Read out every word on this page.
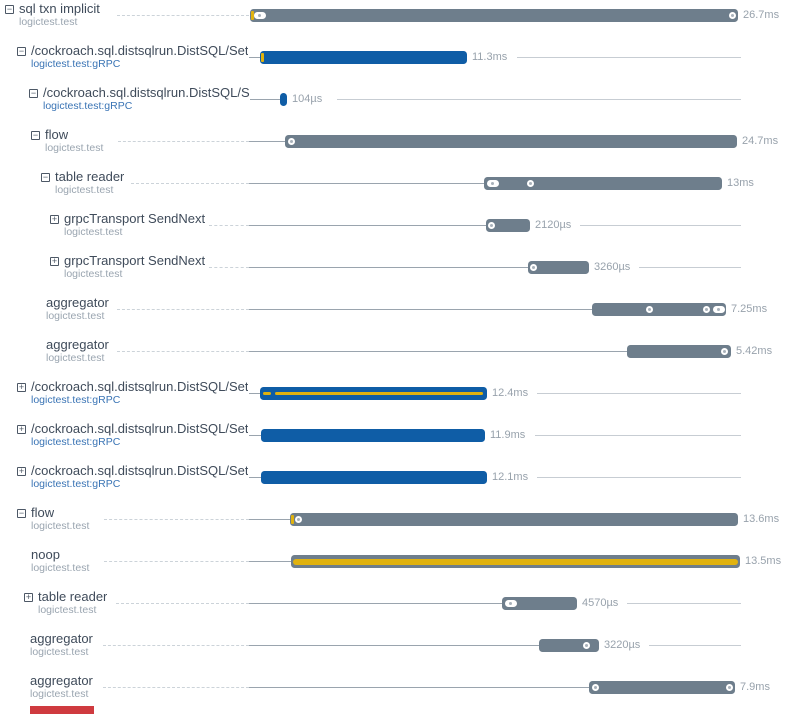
− sql txn implicit
logictest.test
26.7ms
− /cockroach.sql.distsqlrun.DistSQL/Set
logictest.test:gRPC
11.3ms
− /cockroach.sql.distsqlrun.DistSQL/S
logictest.test:gRPC
104µs
− flow
logictest.test
24.7ms
− table reader
logictest.test
13ms
+ grpcTransport SendNext
logictest.test
2120µs
+ grpcTransport SendNext
logictest.test
3260µs
aggregator
logictest.test
7.25ms
aggregator
logictest.test
5.42ms
+ /cockroach.sql.distsqlrun.DistSQL/Set
logictest.test:gRPC
12.4ms
+ /cockroach.sql.distsqlrun.DistSQL/Set
logictest.test:gRPC
11.9ms
+ /cockroach.sql.distsqlrun.DistSQL/Set
logictest.test:gRPC
12.1ms
− flow
logictest.test
13.6ms
noop
logictest.test
13.5ms
+ table reader
logictest.test
4570µs
aggregator
logictest.test
3220µs
aggregator
logictest.test
7.9ms
